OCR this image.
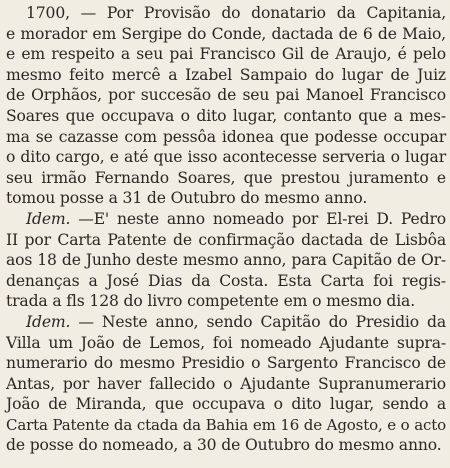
1700, — Por Provisão do donatario da Capitania,
e morador em Sergipe do Conde, dactada de 6 de Maio,
e em respeito a seu pai Francisco Gil de Araujo, é pelo
mesmo feito mercê a Izabel Sampaio do lugar de Juiz
de Orphãos, por succesão de seu pai Manoel Francisco
Soares que occupava o dito lugar, contanto que a mes-
ma se cazasse com pessôa idonea que podesse occupar
o dito cargo, e até que isso acontecesse serveria o lugar
seu irmão Fernando Soares, que prestou juramento e
tomou posse a 31 de Outubro do mesmo anno.
Idem. —E' neste anno nomeado por El-rei D. Pedro
II por Carta Patente de confirmação dactada de Lisbôa
aos 18 de Junho deste mesmo anno, para Capitão de Or-
denanças a José Dias da Costa. Esta Carta foi regis-
trada a fls 128 do livro competente em o mesmo dia.
Idem. — Neste anno, sendo Capitão do Presidio da
Villa um João de Lemos, foi nomeado Ajudante supra-
numerario do mesmo Presidio o Sargento Francisco de
Antas, por haver fallecido o Ajudante Supranumerario
João de Miranda, que occupava o dito lugar, sendo a
Carta Patente da ctada da Bahia em 16 de Agosto, e o acto
de posse do nomeado, a 30 de Outubro do mesmo anno.
